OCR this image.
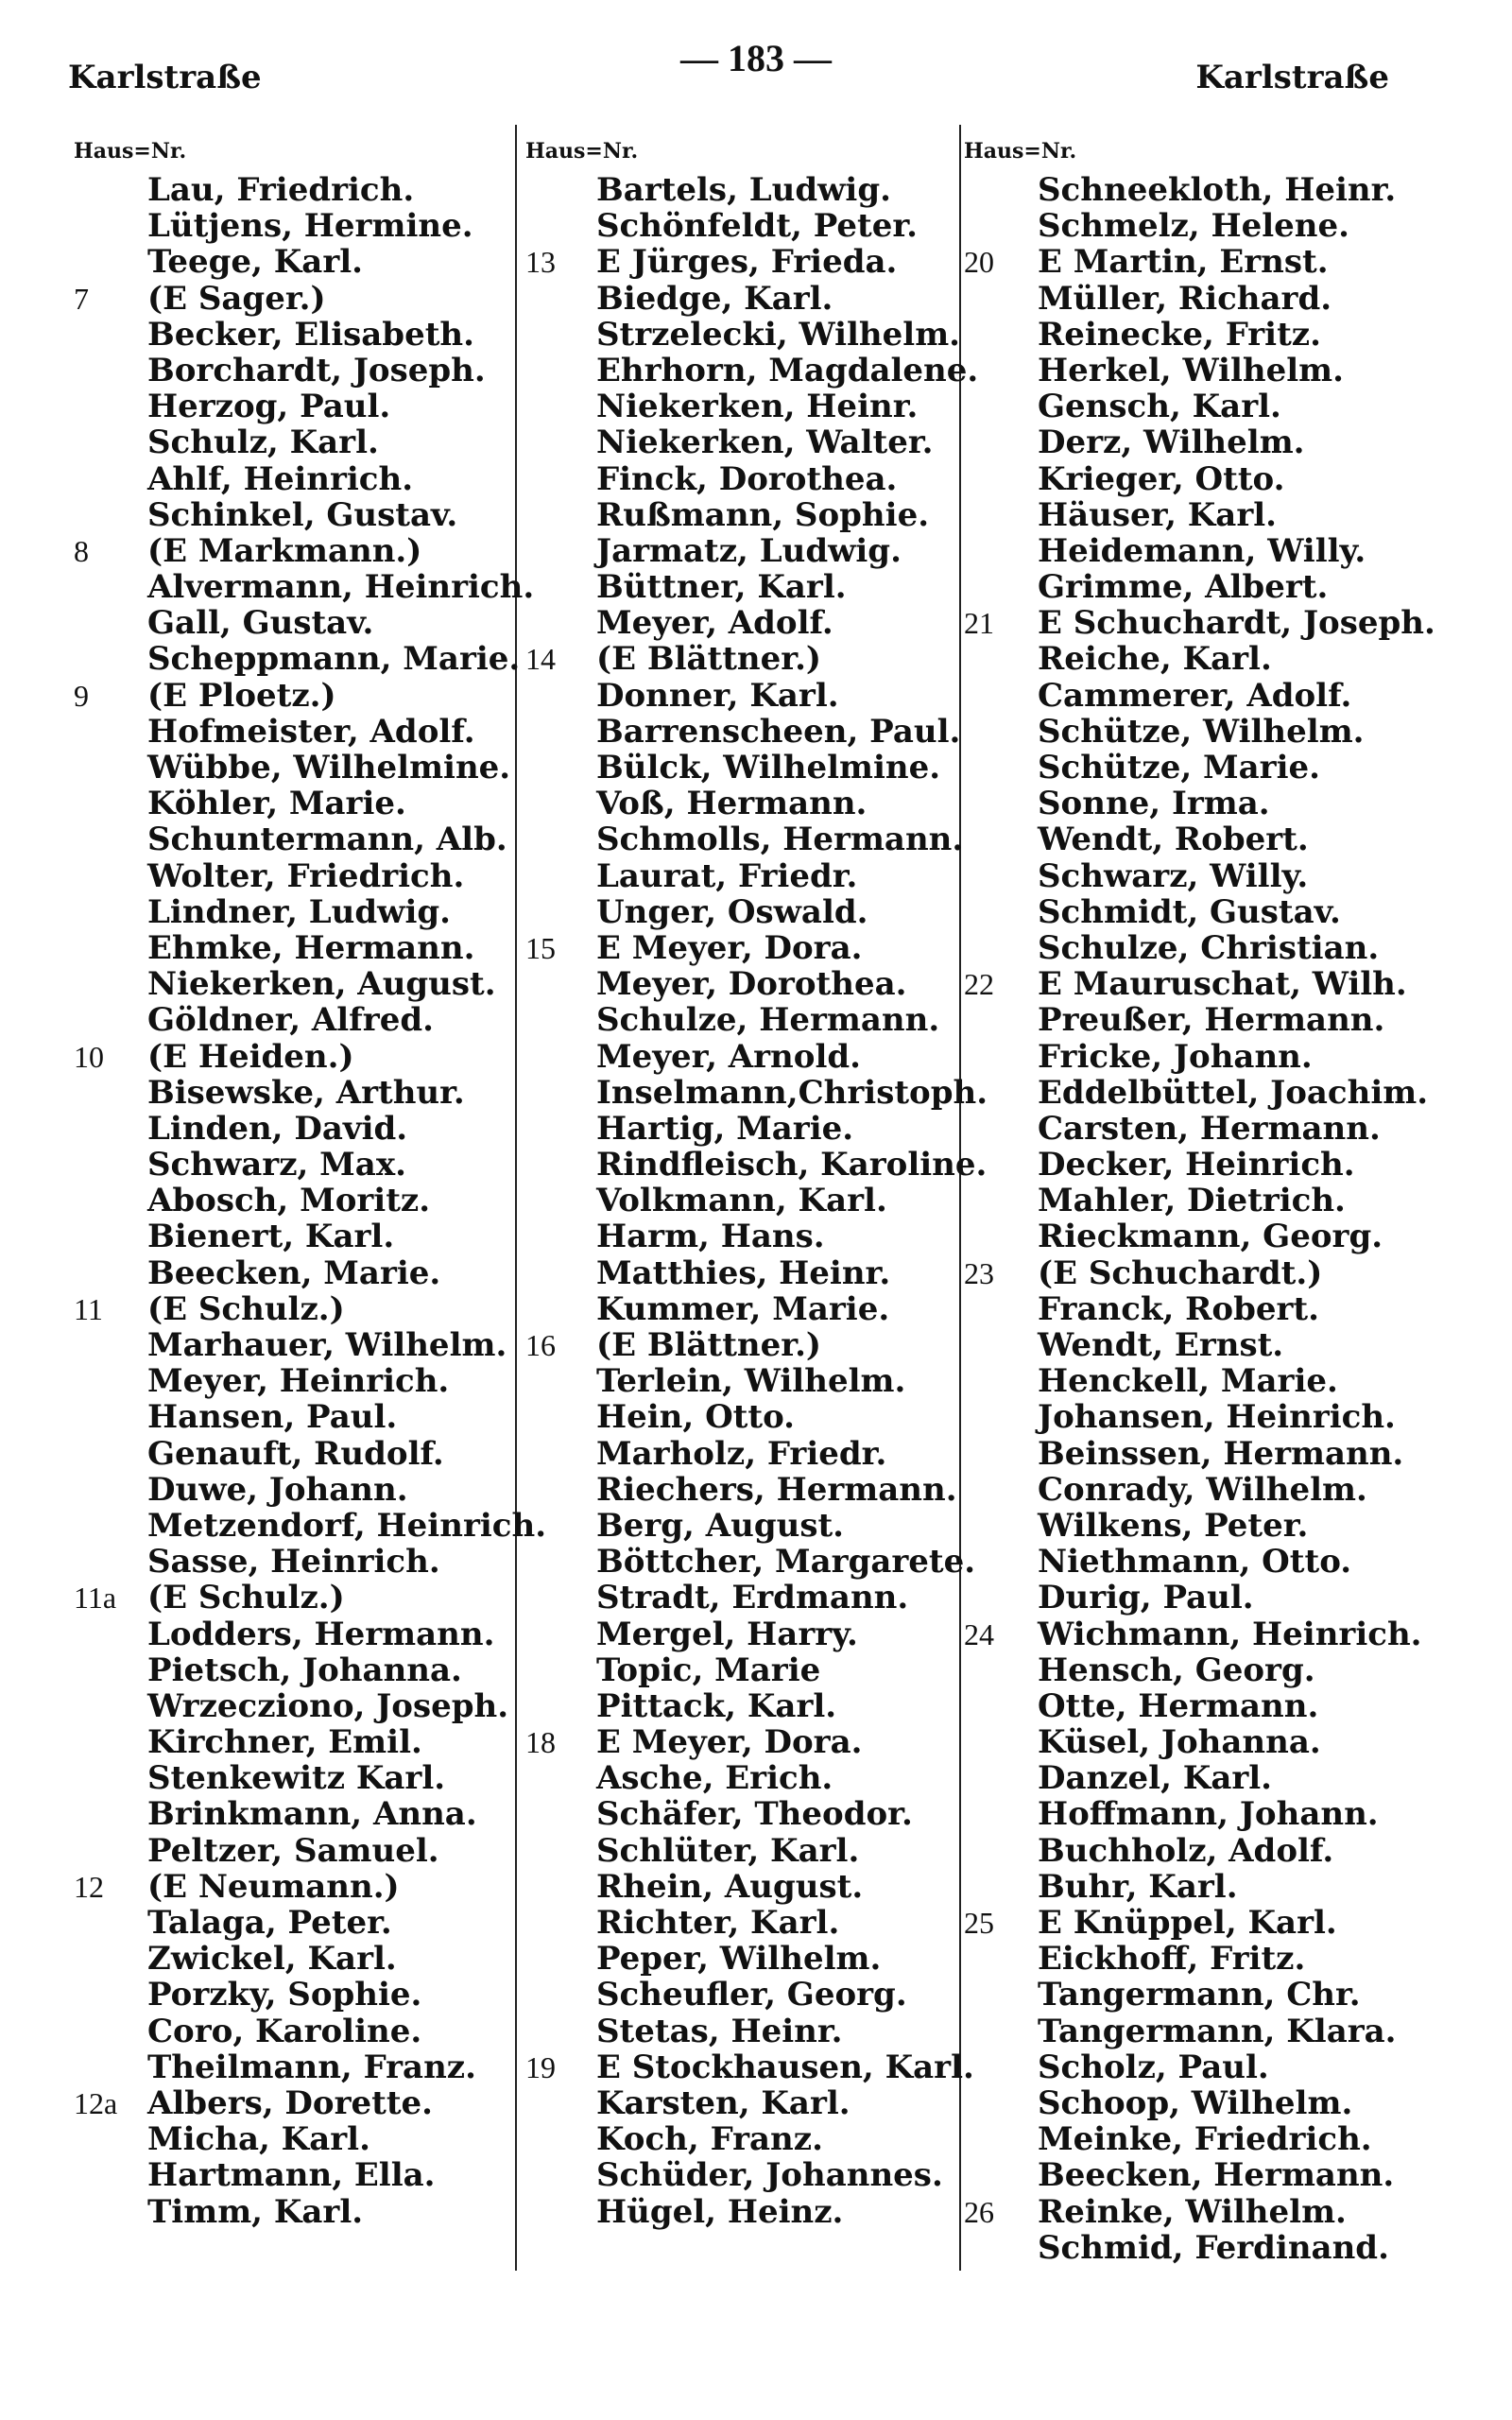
Karlstraße	— 183 —	Karlstraße
Haus=Nr.
Lau, Friedrich.
Lütjens, Hermine.
Teege, Karl.
7 (E Sager.)
Becker, Elisabeth.
Borchardt, Joseph.
Herzog, Paul.
Schulz, Karl.
Ahlf, Heinrich.
Schinkel, Gustav.
8 (E Markmann.)
Alvermann, Heinrich.
Gall, Gustav.
Scheppmann, Marie.
9 (E Ploetz.)
Hofmeister, Adolf.
Wübbe, Wilhelmine.
Köhler, Marie.
Schuntermann, Alb.
Wolter, Friedrich.
Lindner, Ludwig.
Ehmke, Hermann.
Niekerken, August.
Göldner, Alfred.
10 (E Heiden.)
Bisewske, Arthur.
Linden, David.
Schwarz, Max.
Abosch, Moritz.
Bienert, Karl.
Beecken, Marie.
11 (E Schulz.)
Marhauer, Wilhelm.
Meyer, Heinrich.
Hansen, Paul.
Genauft, Rudolf.
Duwe, Johann.
Metzendorf, Heinrich.
Sasse, Heinrich.
11a (E Schulz.)
Lodders, Hermann.
Pietsch, Johanna.
Wrzeczionо, Joseph.
Kirchner, Emil.
Stenkewitz Karl.
Brinkmann, Anna.
Peltzer, Samuel.
12 (E Neumann.)
Talaga, Peter.
Zwickel, Karl.
Porzky, Sophie.
Coro, Karoline.
Theilmann, Franz.
12a Albers, Dorette.
Micha, Karl.
Hartmann, Ella.
Timm, Karl.
Haus=Nr.
Bartels, Ludwig.
Schönfeldt, Peter.
13 E Jürges, Frieda.
Biedge, Karl.
Strzelecki, Wilhelm.
Ehrhorn, Magdalene.
Niekerken, Heinr.
Niekerken, Walter.
Finck, Dorothea.
Rußmann, Sophie.
Jarmatz, Ludwig.
Büttner, Karl.
Meyer, Adolf.
14 (E Blättner.)
Donner, Karl.
Barrenscheen, Paul.
Bülck, Wilhelmine.
Voß, Hermann.
Schmolls, Hermann.
Laurat, Friedr.
Unger, Oswald.
15 E Meyer, Dora.
Meyer, Dorothea.
Schulze, Hermann.
Meyer, Arnold.
Inselmann,Christoph.
Hartig, Marie.
Rindfleisch, Karoline.
Volkmann, Karl.
Harm, Hans.
Matthies, Heinr.
Kummer, Marie.
16 (E Blättner.)
Terlein, Wilhelm.
Hein, Otto.
Marholz, Friedr.
Riechers, Hermann.
Berg, August.
Böttcher, Margarete.
Stradt, Erdmann.
Mergel, Harry.
Topic, Marie
Pittack, Karl.
18 E Meyer, Dora.
Asche, Erich.
Schäfer, Theodor.
Schlüter, Karl.
Rhein, August.
Richter, Karl.
Peper, Wilhelm.
Scheufler, Georg.
Stetas, Heinr.
19 E Stockhausen, Karl.
Karsten, Karl.
Koch, Franz.
Schüder, Johannes.
Hügel, Heinz.
Haus=Nr.
Schneekloth, Heinr.
Schmelz, Helene.
20 E Martin, Ernst.
Müller, Richard.
Reinecke, Fritz.
Herkel, Wilhelm.
Gensch, Karl.
Derz, Wilhelm.
Krieger, Otto.
Häuser, Karl.
Heidemann, Willy.
Grimme, Albert.
21 E Schuchardt, Joseph.
Reiche, Karl.
Cammerer, Adolf.
Schütze, Wilhelm.
Schütze, Marie.
Sonne, Irma.
Wendt, Robert.
Schwarz, Willy.
Schmidt, Gustav.
Schulze, Christian.
22 E Mauruschat, Wilh.
Preußer, Hermann.
Fricke, Johann.
Eddelbüttel, Joachim.
Carsten, Hermann.
Decker, Heinrich.
Mahler, Dietrich.
Rieckmann, Georg.
23 (E Schuchardt.)
Franck, Robert.
Wendt, Ernst.
Henckell, Marie.
Johansen, Heinrich.
Beinssen, Hermann.
Conrady, Wilhelm.
Wilkens, Peter.
Niethmann, Otto.
Durig, Paul.
24 Wichmann, Heinrich.
Hensch, Georg.
Otte, Hermann.
Küsel, Johanna.
Danzel, Karl.
Hoffmann, Johann.
Buchholz, Adolf.
Buhr, Karl.
25 E Knüppel, Karl.
Eickhoff, Fritz.
Tangermann, Chr.
Tangermann, Klara.
Scholz, Paul.
Schoop, Wilhelm.
Meinke, Friedrich.
Beecken, Hermann.
26 Reinke, Wilhelm.
Schmid, Ferdinand.
